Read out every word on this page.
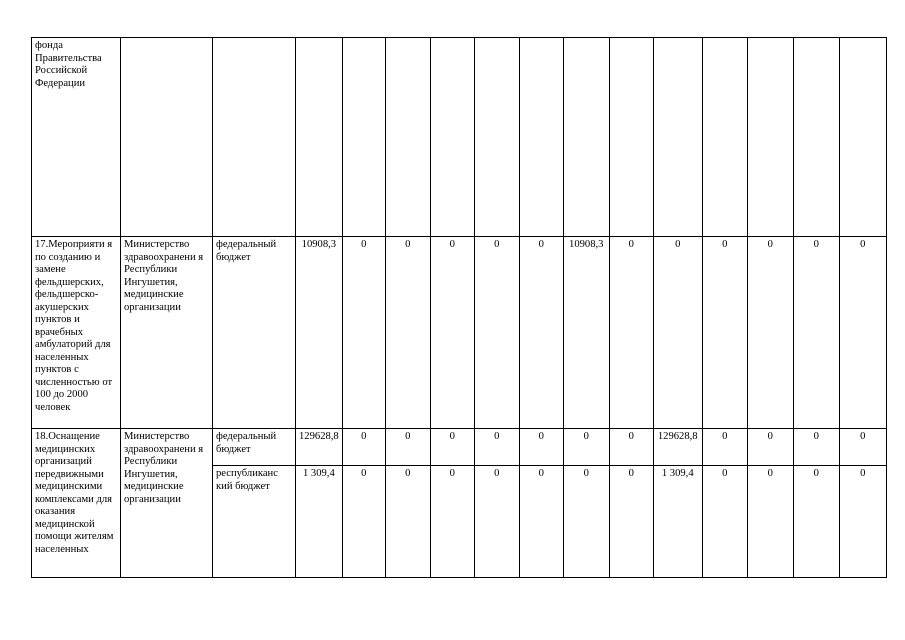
фонда Правительства Российской Федерации															
17.Мероприяти я по созданию и замене фельдшерских, фельдшерско-акушерских пунктов и врачебных амбулаторий для населенных пунктов с численностью от 100 до 2000 человек	Министерство здравоохранени я Республики Ингушетия, медицинские организации	федеральный бюджет	10908,3	0	0	0	0	0	10908,3	0	0	0	0	0	0
18.Оснащение медицинских организаций передвижными медицинскими комплексами для оказания медицинской помощи жителям населенных	Министерство здравоохранени я Республики Ингушетия, медицинские организации	федеральный бюджет	129628,8	0	0	0	0	0	0	0	129628,8	0	0	0	0
		республиканс кий бюджет	1 309,4	0	0	0	0	0	0	0	1 309,4	0	0	0	0
